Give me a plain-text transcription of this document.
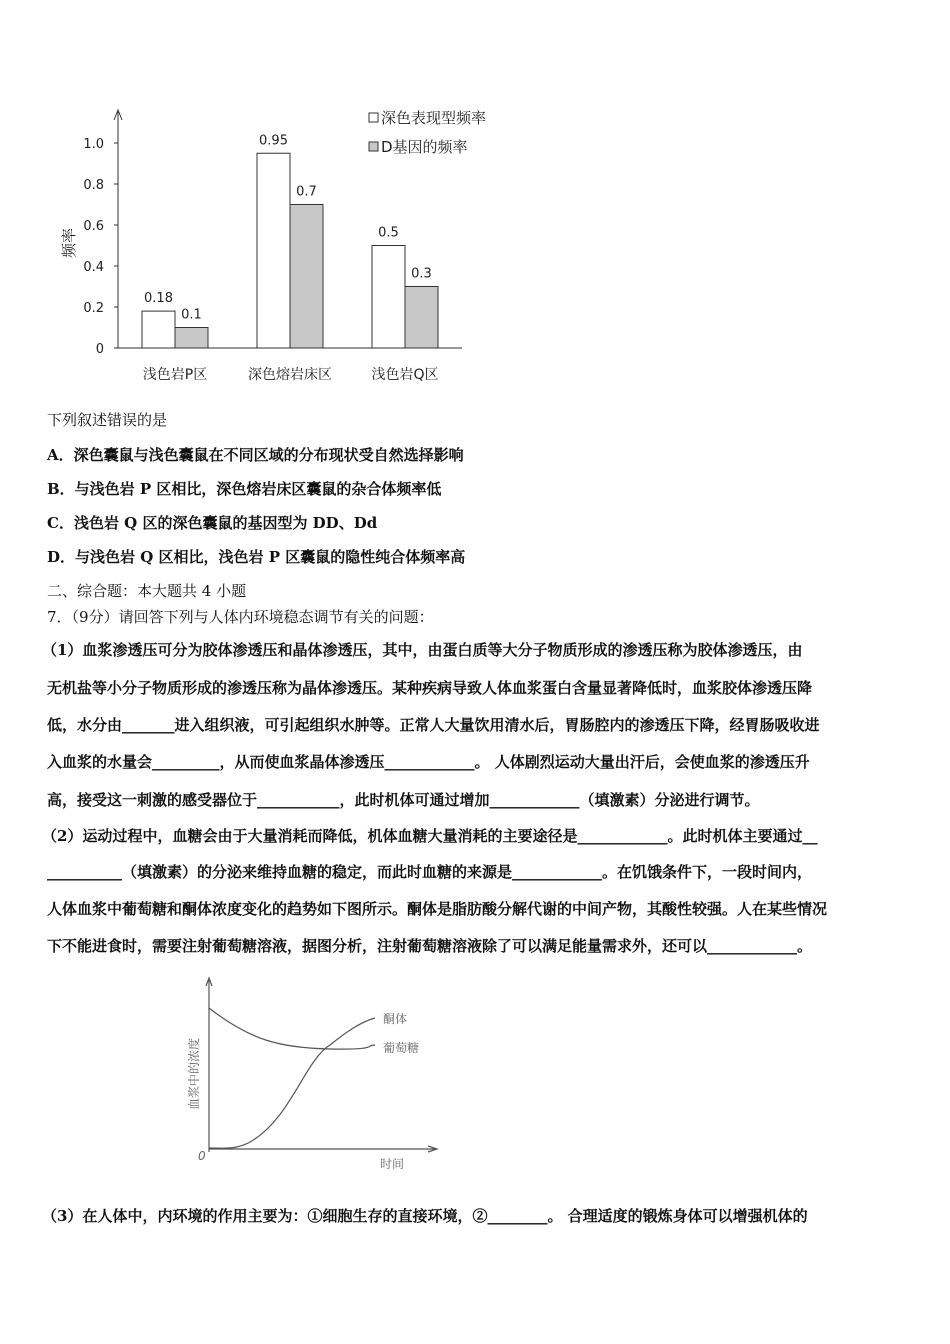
0
0.2
0.4
0.6
0.8
1.0
频率
浅色岩P区
0.18
0.1
深色熔岩床区
0.95
0.7
浅色岩Q区
0.5
0.3
深色表现型频率
D基因的频率
下列叙述错误的是
A．深色囊鼠与浅色囊鼠在不同区域的分布现状受自然选择影响
B．与浅色岩 P 区相比，深色熔岩床区囊鼠的杂合体频率低
C．浅色岩 Q 区的深色囊鼠的基因型为 DD、Dd
D．与浅色岩 Q 区相比，浅色岩 P 区囊鼠的隐性纯合体频率高
二、综合题：本大题共 4 小题
7．（9分）请回答下列与人体内环境稳态调节有关的问题：
（1）血浆渗透压可分为胶体渗透压和晶体渗透压，其中，由蛋白质等大分子物质形成的渗透压称为胶体渗透压，由
无机盐等小分子物质形成的渗透压称为晶体渗透压。某种疾病导致人体血浆蛋白含量显著降低时，血浆胶体渗透压降
低，水分由_______进入组织液，可引起组织水肿等。正常人大量饮用清水后，胃肠腔内的渗透压下降，经胃肠吸收进
入血浆的水量会_________，从而使血浆晶体渗透压____________。 人体剧烈运动大量出汗后，会使血浆的渗透压升
高，接受这一刺激的感受器位于___________，此时机体可通过增加____________（填激素）分泌进行调节。
（2）运动过程中，血糖会由于大量消耗而降低，机体血糖大量消耗的主要途径是____________。此时机体主要通过__
__________（填激素）的分泌来维持血糖的稳定，而此时血糖的来源是____________。在饥饿条件下，一段时间内，
人体血浆中葡萄糖和酮体浓度变化的趋势如下图所示。酮体是脂肪酸分解代谢的中间产物，其酸性较强。人在某些情况
下不能进食时，需要注射葡萄糖溶液，据图分析，注射葡萄糖溶液除了可以满足能量需求外，还可以____________。
血浆中的浓度
时间
0
酮体
葡萄糖
（3）在人体中，内环境的作用主要为：①细胞生存的直接环境，②________。 合理适度的锻炼身体可以增强机体的
